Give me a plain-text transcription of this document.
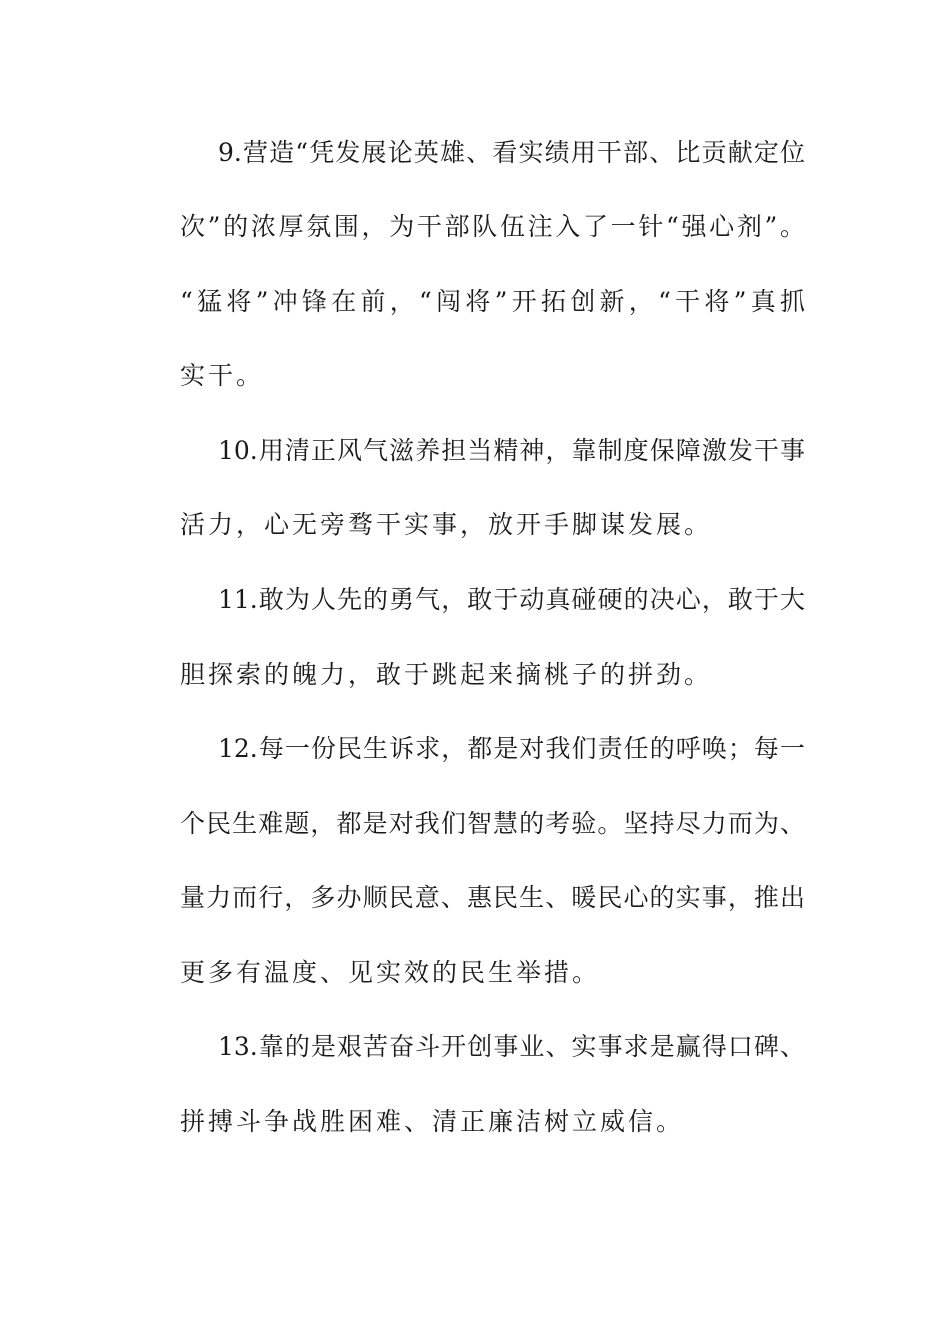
9.营造“凭发展论英雄、看实绩用干部、比贡献定位
次”的浓厚氛围，为干部队伍注入了一针“强心剂”。
“猛将”冲锋在前，“闯将”开拓创新，“干将”真抓
实干。
10.用清正风气滋养担当精神，靠制度保障激发干事
活力，心无旁骛干实事，放开手脚谋发展。
11.敢为人先的勇气，敢于动真碰硬的决心，敢于大
胆探索的魄力，敢于跳起来摘桃子的拼劲。
12.每一份民生诉求，都是对我们责任的呼唤；每一
个民生难题，都是对我们智慧的考验。坚持尽力而为、
量力而行，多办顺民意、惠民生、暖民心的实事，推出
更多有温度、见实效的民生举措。
13.靠的是艰苦奋斗开创事业、实事求是赢得口碑、
拼搏斗争战胜困难、清正廉洁树立威信。
